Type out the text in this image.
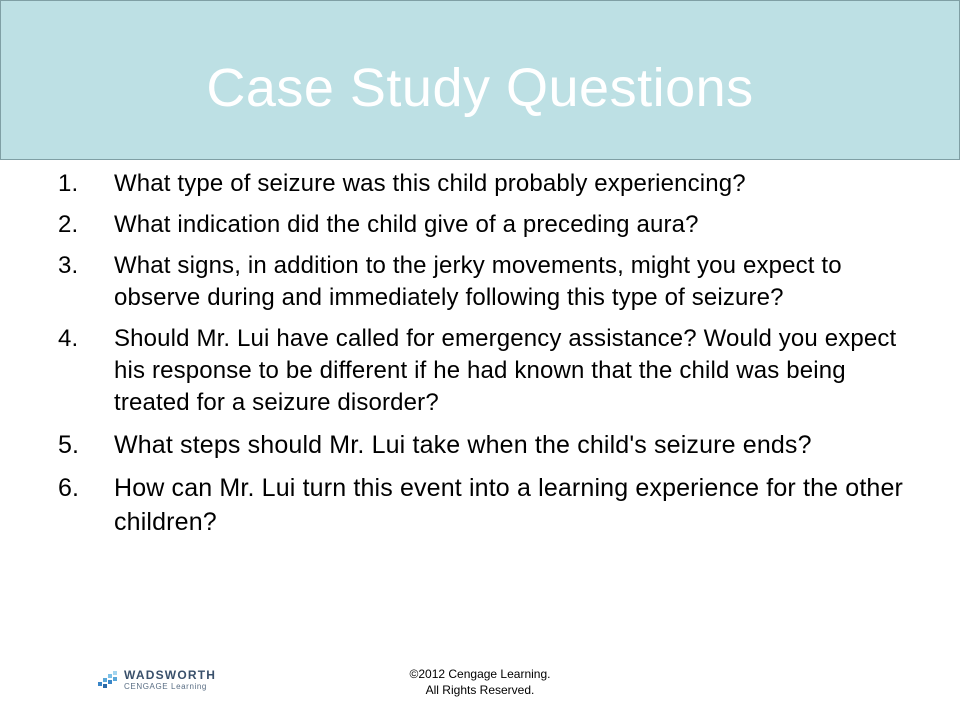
Case Study Questions
1.	What type of seizure was this child probably experiencing?
2.	What indication did the child give of a preceding aura?
3.	What signs, in addition to the jerky movements, might you expect to observe during and immediately following this type of seizure?
4.	Should Mr. Lui have called for emergency assistance? Would you expect his response to be different if he had known that the child was being treated for a seizure disorder?
5.	What steps should Mr. Lui take when the child's seizure ends?
6.	How can Mr. Lui turn this event into a learning experience for the other children?
WADSWORTH
CENGAGE Learning
©2012 Cengage Learning.
All Rights Reserved.
